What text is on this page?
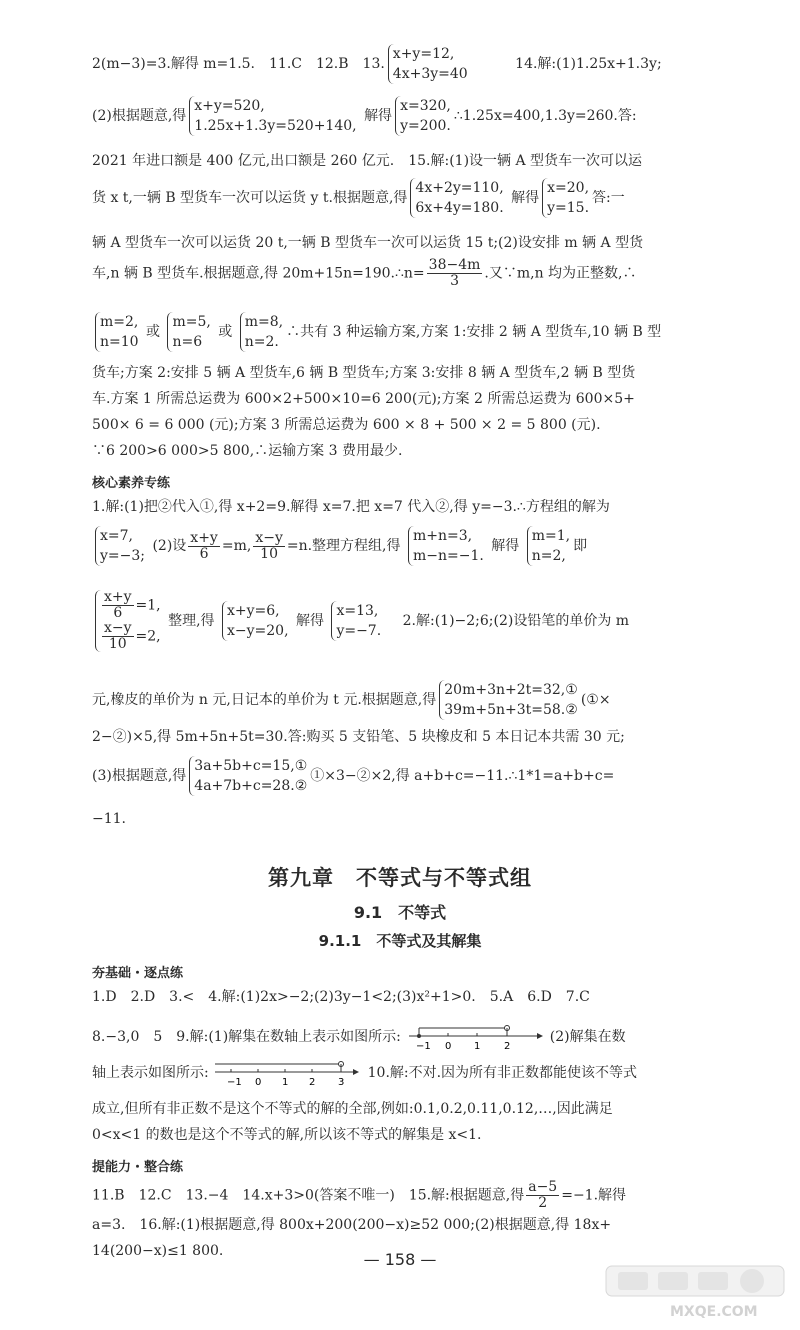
2(m−3)=3.解得 m=1.5.　11.C　12.B　13.
x+y=12,
4x+3y=40
14.解:(1)1.25x+1.3y;
(2)根据题意,得
x+y=520,
1.25x+1.3y=520+140,
解得
x=320,
y=200.
∴1.25x=400,1.3y=260.答:
2021 年进口额是 400 亿元,出口额是 260 亿元.　15.解:(1)设一辆 A 型货车一次可以运
货 x t,一辆 B 型货车一次可以运货 y t.根据题意,得
4x+2y=110,
6x+4y=180.
解得
x=20,
y=15.
答:一
辆 A 型货车一次可以运货 20 t,一辆 B 型货车一次可以运货 15 t;(2)设安排 m 辆 A 型货
车,n 辆 B 型货车.根据题意,得 20m+15n=190.∴n= $\frac{38-4m}{3}$ .又∵m,n 均为正整数,∴
m=2,
n=10
或
m=5,
n=6
或
m=8,
n=2.
∴共有 3 种运输方案,方案 1:安排 2 辆 A 型货车,10 辆 B 型
货车;方案 2:安排 5 辆 A 型货车,6 辆 B 型货车;方案 3:安排 8 辆 A 型货车,2 辆 B 型货
车.方案 1 所需总运费为 600×2+500×10=6 200(元);方案 2 所需总运费为 600×5+
500× 6 = 6 000 (元);方案 3 所需总运费为 600 × 8 + 500 × 2 = 5 800 (元).
∵6 200>6 000>5 800,∴运输方案 3 费用最少.
核心素养专练
1.解:(1)把②代入①,得 x+2=9.解得 x=7.把 x=7 代入②,得 y=−3.∴方程组的解为
x=7,
y=−3;
(2)设 $\frac{x+y}{6} =m$, $\frac{x-y}{10} =n$.整理方程组,得
m+n=3,
m−n=−1.
解得
m=1,
n=2,
即
$\frac{x+y}{6} =1$,
$\frac{x-y}{10} =2$,
整理,得
x+y=6,
x−y=20,
解得
x=13,
y=−7.
2.解:(1)−2;6;(2)设铅笔的单价为 m
元,橡皮的单价为 n 元,日记本的单价为 t 元.根据题意,得
20m+3n+2t=32,①
39m+5n+3t=58.②
(①×
2−②)×5,得 5m+5n+5t=30.答:购买 5 支铅笔、5 块橡皮和 5 本日记本共需 30 元;
(3)根据题意,得
3a+5b+c=15,①
4a+7b+c=28.②
①×3−②×2,得 a+b+c=−11.∴1*1=a+b+c=
−11.
第九章　不等式与不等式组
9.1　不等式
9.1.1　不等式及其解集
夯基础・逐点练
1.D　2.D　3.<　4.解:(1)2x>−2;(2)3y−1<2;(3)x²+1>0.　5.A　6.D　7.C
8.−3,0　5　9.解:(1)解集在数轴上表示如图所示:
−1 0 1 2
(2)解集在数
轴上表示如图所示:
−1 0 1 2 3
10.解:不对.因为所有非正数都能使该不等式
成立,但所有非正数不是这个不等式的解的全部,例如:0.1,0.2,0.11,0.12,…,因此满足
0<x<1 的数也是这个不等式的解,所以该不等式的解集是 x<1.
提能力・整合练
11.B　12.C　13.−4　14.x+3>0(答案不唯一)　15.解:根据题意,得 $\frac{a-5}{2} =-1$.解得
a=3.　16.解:(1)根据题意,得 800x+200(200−x)≥52 000;(2)根据题意,得 18x+
14(200−x)≤1 800.	— 158 —
MXQE.COM
